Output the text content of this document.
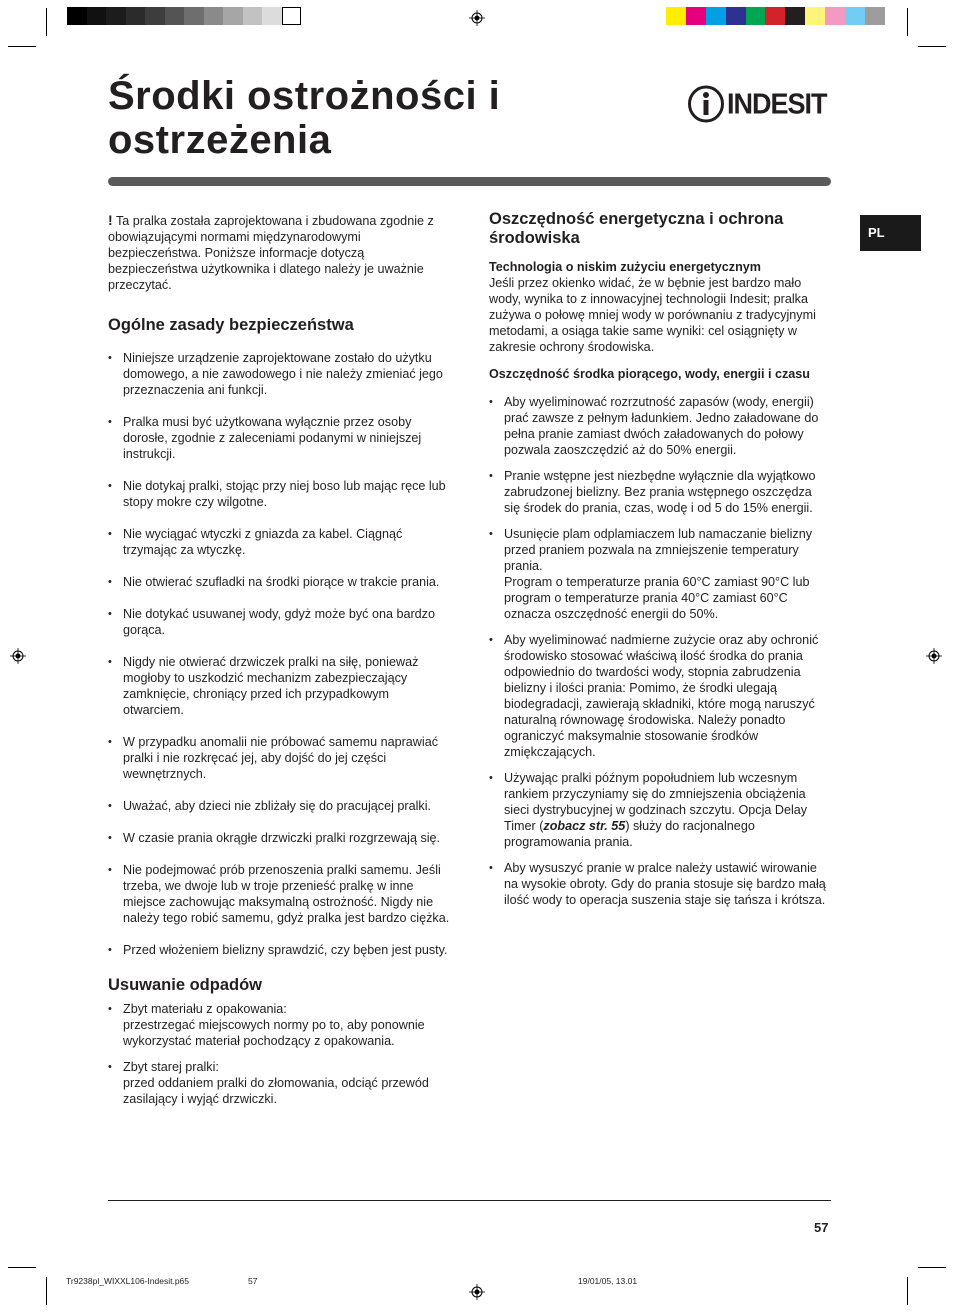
Środki ostrożności i
ostrzeżenia
INDESIT
PL

! Ta pralka została zaprojektowana i zbudowana zgodnie z obowiązującymi normami międzynarodowymi bezpieczeństwa. Poniższe informacje dotyczą bezpieczeństwa użytkownika i dlatego należy je uważnie przeczytać.

Ogólne zasady bezpieczeństwa
• Niniejsze urządzenie zaprojektowane zostało do użytku domowego, a nie zawodowego i nie należy zmieniać jego przeznaczenia ani funkcji.
• Pralka musi być użytkowana wyłącznie przez osoby dorosłe, zgodnie z zaleceniami podanymi w niniejszej instrukcji.
• Nie dotykaj pralki, stojąc przy niej boso lub mając ręce lub stopy mokre czy wilgotne.
• Nie wyciągać wtyczki z gniazda za kabel. Ciągnąć trzymając za wtyczkę.
• Nie otwierać szufladki na środki piorące w trakcie prania.
• Nie dotykać usuwanej wody, gdyż może być ona bardzo gorąca.
• Nigdy nie otwierać drzwiczek pralki na siłę, ponieważ mogłoby to uszkodzić mechanizm zabezpieczający zamknięcie, chroniący przed ich przypadkowym otwarciem.
• W przypadku anomalii nie próbować samemu naprawiać pralki i nie rozkręcać jej, aby dojść do jej części wewnętrznych.
• Uważać, aby dzieci nie zbliżały się do pracującej pralki.
• W czasie prania okrągłe drzwiczki pralki rozgrzewają się.
• Nie podejmować prób przenoszenia pralki samemu. Jeśli trzeba, we dwoje lub w troje przenieść pralkę w inne miejsce zachowując maksymalną ostrożność. Nigdy nie należy tego robić samemu, gdyż pralka jest bardzo ciężka.
• Przed włożeniem bielizny sprawdzić, czy bęben jest pusty.
Usuwanie odpadów
• Zbyt materiału z opakowania:
przestrzegać miejscowych normy po to, aby ponownie wykorzystać materiał pochodzący z opakowania.
• Zbyt starej pralki:
przed oddaniem pralki do złomowania, odciąć przewód zasilający i wyjąć drzwiczki.
Oszczędność energetyczna i ochrona środowiska
Technologia o niskim zużyciu energetycznym

Jeśli przez okienko widać, że w bębnie jest bardzo mało wody, wynika to z innowacyjnej technologii Indesit; pralka zużywa o połowę mniej wody w porównaniu z tradycyjnymi metodami, a osiąga takie same wyniki: cel osiągnięty w zakresie ochrony środowiska.

Oszczędność środka piorącego, wody, energii i czasu
• Aby wyeliminować rozrzutność zapasów (wody, energii) prać zawsze z pełnym ładunkiem. Jedno załadowane do pełna pranie zamiast dwóch załadowanych do połowy pozwala zaoszczędzić aż do 50% energii.
• Pranie wstępne jest niezbędne wyłącznie dla wyjątkowo zabrudzonej bielizny. Bez prania wstępnego oszczędza się środek do prania, czas, wodę i od 5 do 15% energii.
• Usunięcie plam odplamiaczem lub namaczanie bielizny przed praniem pozwala na zmniejszenie temperatury prania.
Program o temperaturze prania 60°C zamiast 90°C lub program o temperaturze prania 40°C zamiast 60°C oznacza oszczędność energii do 50%.
• Aby wyeliminować nadmierne zużycie oraz aby ochronić środowisko stosować właściwą ilość środka do prania odpowiednio do twardości wody, stopnia zabrudzenia bielizny i ilości prania: Pomimo, że środki ulegają biodegradacji, zawierają składniki, które mogą naruszyć naturalną równowagę środowiska. Należy ponadto ograniczyć maksymalnie stosowanie środków zmiękczających.
• Używając pralki późnym popołudniem lub wczesnym rankiem przyczyniamy się do zmniejszenia obciążenia sieci dystrybucyjnej w godzinach szczytu. Opcja Delay Timer (zobacz str. 55) służy do racjonalnego programowania prania.
• Aby wysuszyć pranie w pralce należy ustawić wirowanie na wysokie obroty. Gdy do prania stosuje się bardzo małą ilość wody to operacja suszenia staje się tańsza i krótsza.
57
Tr9238pl_WIXXL106-Indesit.p65	57	19/01/05, 13.01
